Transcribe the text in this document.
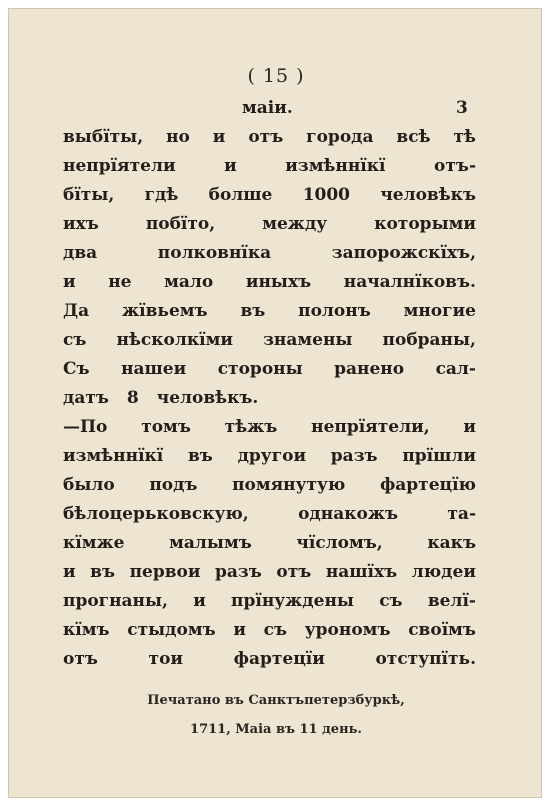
( 15 )
маiи.	3
выбїты, но и отъ города всѣ тѣ
непрїятели	и	измѣннїкї	отъ-
бїты, гдѣ болше 1000 человѣкъ
ихъ	побїто,	между	которыми
два	полковнїка	запорожскїхъ,
и не мало иныхъ началнїковъ.
Да жївьемъ въ полонъ многие
съ нѣсколкїми знамены побраны,
Съ нашеи стороны ранено сал-
датъ 8 человѣкъ.
—По томъ тѣжъ непрїятели, и
измѣннїкї въ другои разъ прїшли
было подъ помянутую фартецїю
бѣлоцерьковскую,	однакожъ	та-
кїмже	малымъ	чїсломъ,	какъ
и въ первои разъ отъ нашїхъ людеи
прогнаны, и прїнуждены съ велї-
кїмъ стыдомъ и съ урономъ своїмъ
отъ	тои	фартецїи	отступїть.
Печатано въ Санктъпетерзбуркѣ,
1711, Маiа въ 11 день.
